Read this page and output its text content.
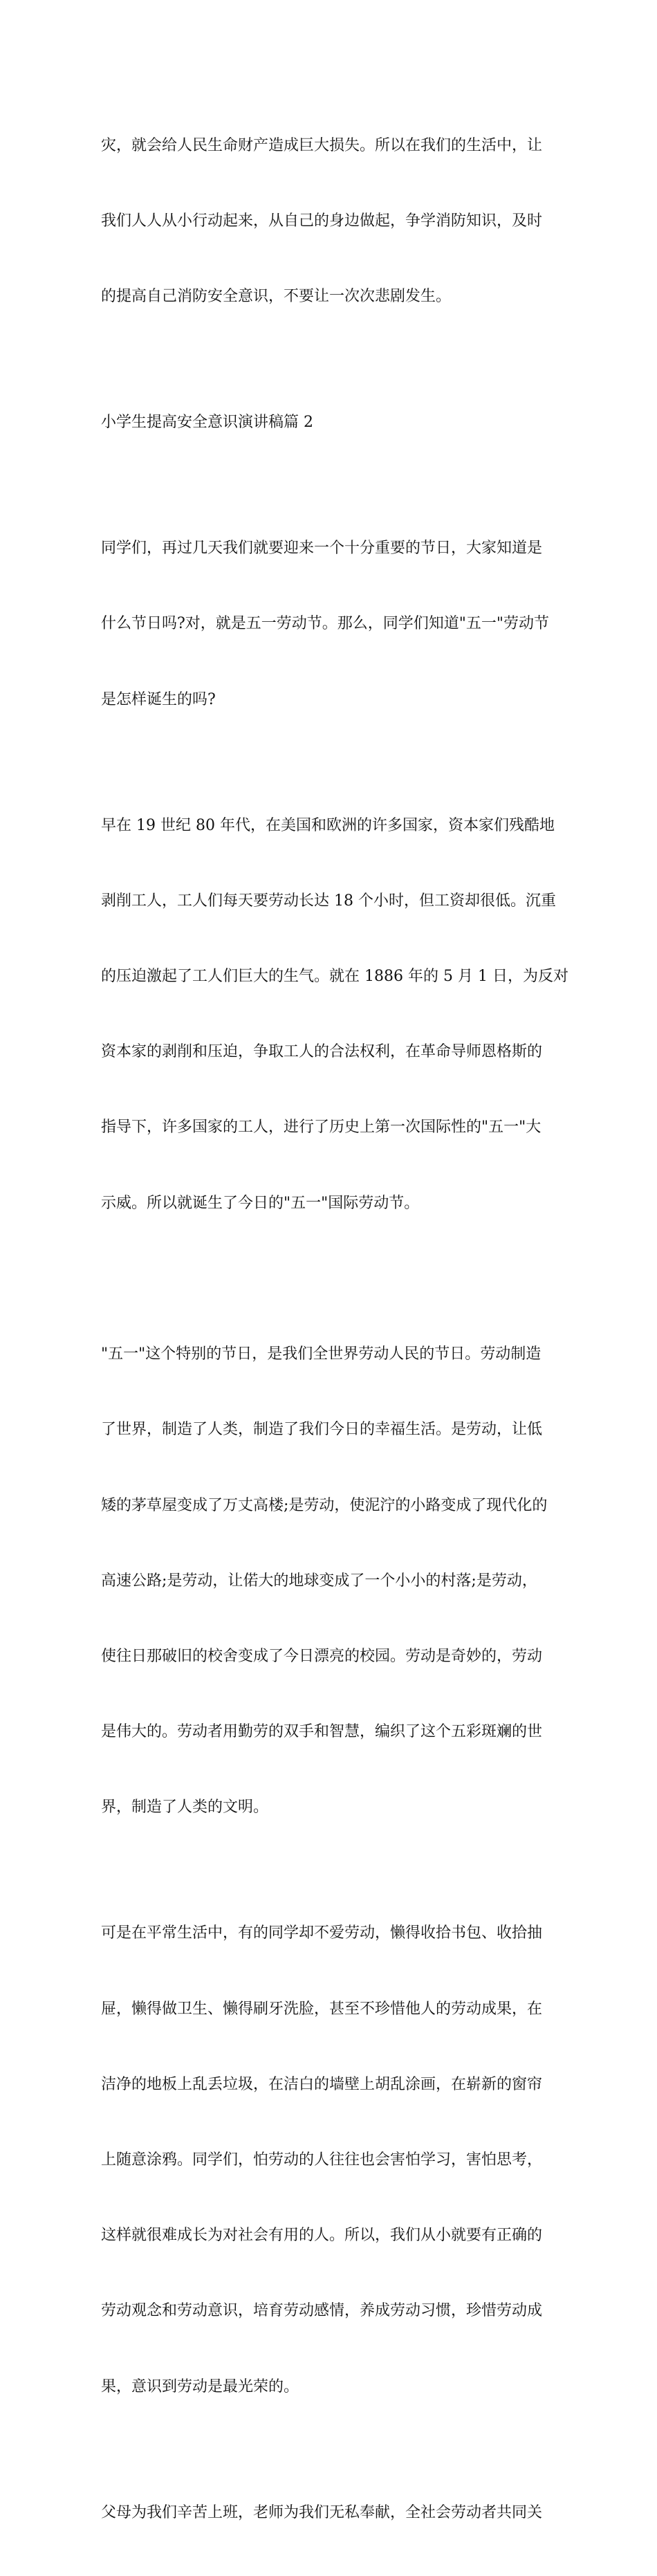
灾，就会给人民生命财产造成巨大损失。所以在我们的生活中，让

我们人人从小行动起来，从自己的身边做起，争学消防知识，及时

的提高自己消防安全意识，不要让一次次悲剧发生。

小学生提高安全意识演讲稿篇 2

同学们，再过几天我们就要迎来一个十分重要的节日，大家知道是

什么节日吗?对，就是五一劳动节。那么，同学们知道"五一"劳动节

是怎样诞生的吗?

早在 19 世纪 80 年代，在美国和欧洲的许多国家，资本家们残酷地

剥削工人，工人们每天要劳动长达 18 个小时，但工资却很低。沉重

的压迫激起了工人们巨大的生气。就在 1886 年的 5 月 1 日，为反对

资本家的剥削和压迫，争取工人的合法权利，在革命导师恩格斯的

指导下，许多国家的工人，进行了历史上第一次国际性的"五一"大

示威。所以就诞生了今日的"五一"国际劳动节。

"五一"这个特别的节日，是我们全世界劳动人民的节日。劳动制造

了世界，制造了人类，制造了我们今日的幸福生活。是劳动，让低

矮的茅草屋变成了万丈高楼;是劳动，使泥泞的小路变成了现代化的

高速公路;是劳动，让偌大的地球变成了一个小小的村落;是劳动，

使往日那破旧的校舍变成了今日漂亮的校园。劳动是奇妙的，劳动

是伟大的。劳动者用勤劳的双手和智慧，编织了这个五彩斑斓的世

界，制造了人类的文明。

可是在平常生活中，有的同学却不爱劳动，懒得收拾书包、收拾抽

屉，懒得做卫生、懒得刷牙洗脸，甚至不珍惜他人的劳动成果，在

洁净的地板上乱丢垃圾，在洁白的墙壁上胡乱涂画，在崭新的窗帘

上随意涂鸦。同学们，怕劳动的人往往也会害怕学习，害怕思考，

这样就很难成长为对社会有用的人。所以，我们从小就要有正确的

劳动观念和劳动意识，培育劳动感情，养成劳动习惯，珍惜劳动成

果，意识到劳动是最光荣的。

父母为我们辛苦上班，老师为我们无私奉献，全社会劳动者共同关
